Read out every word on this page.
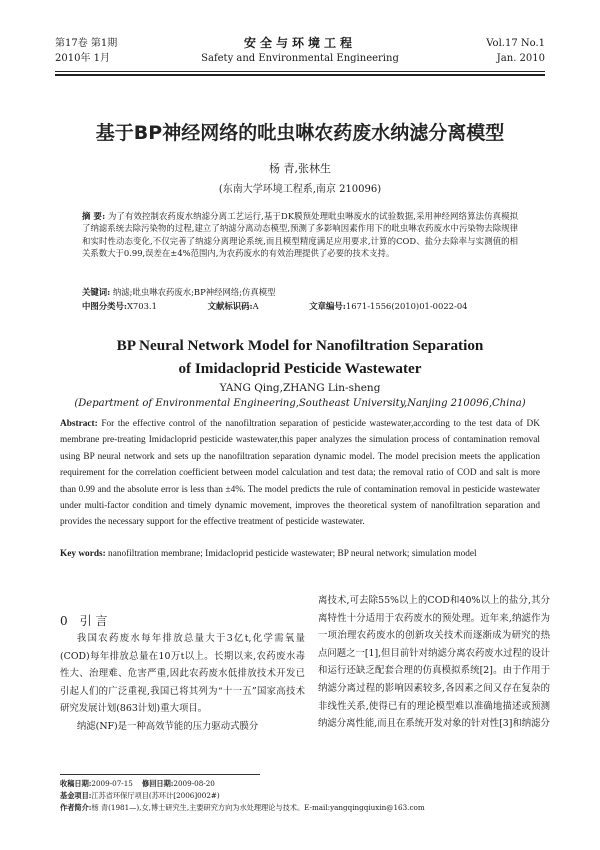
第17卷 第1期
2010年 1月
安全与环境工程
Safety and Environmental Engineering
Vol.17 No.1
Jan. 2010
基于BP神经网络的吡虫啉农药废水纳滤分离模型
杨 青,张林生
(东南大学环境工程系,南京 210096)
摘 要: 为了有效控制农药废水纳滤分离工艺运行,基于DK膜预处理吡虫啉废水的试验数据,采用神经网络算法仿真模拟了纳滤系统去除污染物的过程,建立了纳滤分离动态模型,预测了多影响因素作用下的吡虫啉农药废水中污染物去除规律和实时性动态变化,不仅完善了纳滤分离理论系统,而且模型精度满足应用要求,计算的COD、盐分去除率与实测值的相关系数大于0.99,误差在±4%范围内,为农药废水的有效治理提供了必要的技术支持。
关键词: 纳滤;吡虫啉农药废水;BP神经网络;仿真模型
中图分类号:X703.1	文献标识码:A	文章编号:1671-1556(2010)01-0022-04
BP Neural Network Model for Nanofiltration Separation
of Imidacloprid Pesticide Wastewater
YANG Qing,ZHANG Lin-sheng
(Department of Environmental Engineering,Southeast University,Nanjing 210096,China)
Abstract: For the effective control of the nanofiltration separation of pesticide wastewater,according to the test data of DK membrane pre-treating Imidacloprid pesticide wastewater,this paper analyzes the simulation process of contamination removal using BP neural network and sets up the nanofiltration separation dynamic model. The model precision meets the application requirement for the correlation coefficient between model calculation and test data; the removal ratio of COD and salt is more than 0.99 and the absolute error is less than ±4%. The model predicts the rule of contamination removal in pesticide wastewater under multi-factor condition and timely dynamic movement, improves the theoretical system of nanofiltration separation and provides the necessary support for the effective treatment of pesticide wastewater.
Key words: nanofiltration membrane; Imidacloprid pesticide wastewater; BP neural network; simulation model
0 引 言

我国农药废水每年排放总量大于3亿t,化学需氧量(COD)每年排放总量在10万t以上。长期以来,农药废水毒性大、治理难、危害严重,因此农药废水低排放技术开发已引起人们的广泛重视,我国已将其列为“十一五”国家高技术研究发展计划(863计划)重大项目。

纳滤(NF)是一种高效节能的压力驱动式膜分

离技术,可去除55%以上的COD和40%以上的盐分,其分离特性十分适用于农药废水的预处理。近年来,纳滤作为一项治理农药废水的创新攻关技术而逐渐成为研究的热点问题之一[1],但目前针对纳滤分离农药废水过程的设计和运行还缺乏配套合理的仿真模拟系统[2]。由于作用于纳滤分离过程的影响因素较多,各因素之间又存在复杂的非线性关系,使得已有的理论模型难以准确地描述或预测纳滤分离性能,而且在系统开发对象的针对性[3]和纳滤分

收稿日期:2009-07-15 修回日期:2009-08-20
基金项目:江苏省环保厅项目(苏环计[2006]002#)
作者简介:杨 青(1981—),女,博士研究生,主要研究方向为水处理理论与技术。E-mail:yangqingqiuxin@163.com
